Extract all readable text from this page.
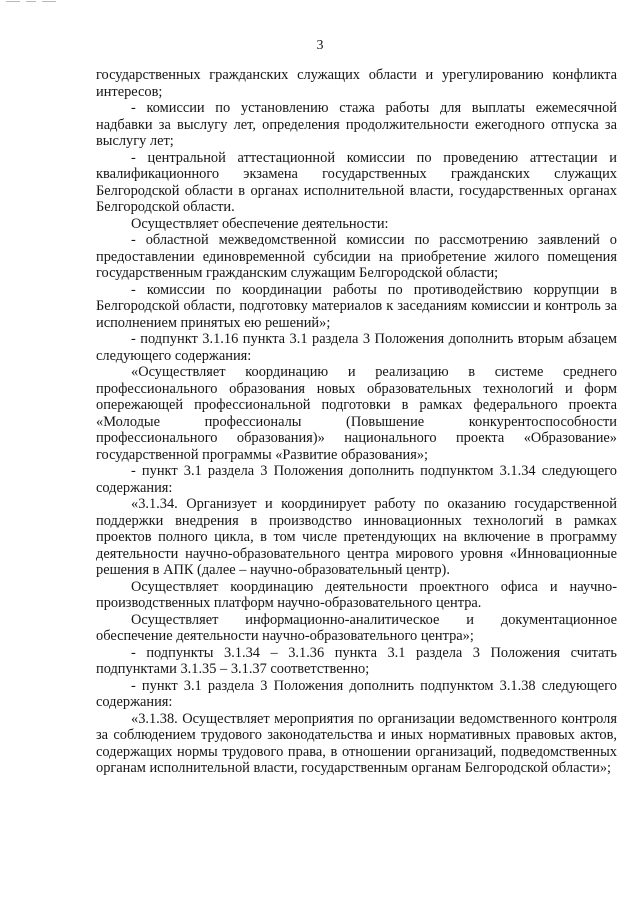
3

государственных гражданских служащих области и урегулированию конфликта интересов;

- комиссии по установлению стажа работы для выплаты ежемесячной надбавки за выслугу лет, определения продолжительности ежегодного отпуска за выслугу лет;

- центральной аттестационной комиссии по проведению аттестации и квалификационного экзамена государственных гражданских служащих Белгородской области в органах исполнительной власти, государственных органах Белгородской области.

Осуществляет обеспечение деятельности:

- областной межведомственной комиссии по рассмотрению заявлений о предоставлении единовременной субсидии на приобретение жилого помещения государственным гражданским служащим Белгородской области;

- комиссии по координации работы по противодействию коррупции в Белгородской области, подготовку материалов к заседаниям комиссии и контроль за исполнением принятых ею решений»;

- подпункт 3.1.16 пункта 3.1 раздела 3 Положения дополнить вторым абзацем следующего содержания:

«Осуществляет координацию и реализацию в системе среднего профессионального образования новых образовательных технологий и форм опережающей профессиональной подготовки в рамках федерального проекта «Молодые профессионалы (Повышение конкурентоспособности профессионального образования)» национального проекта «Образование» государственной программы «Развитие образования»;

- пункт 3.1 раздела 3 Положения дополнить подпунктом 3.1.34 следующего содержания:

«3.1.34. Организует и координирует работу по оказанию государственной поддержки внедрения в производство инновационных технологий в рамках проектов полного цикла, в том числе претендующих на включение в программу деятельности научно-образовательного центра мирового уровня «Инновационные решения в АПК (далее – научно-образовательный центр).

Осуществляет координацию деятельности проектного офиса и научно-производственных платформ научно-образовательного центра.

Осуществляет информационно-аналитическое и документационное обеспечение деятельности научно-образовательного центра»;

- подпункты 3.1.34 – 3.1.36 пункта 3.1 раздела 3 Положения считать подпунктами 3.1.35 – 3.1.37 соответственно;

- пункт 3.1 раздела 3 Положения дополнить подпунктом 3.1.38 следующего содержания:

«3.1.38. Осуществляет мероприятия по организации ведомственного контроля за соблюдением трудового законодательства и иных нормативных правовых актов, содержащих нормы трудового права, в отношении организаций, подведомственных органам исполнительной власти, государственным органам Белгородской области»;
